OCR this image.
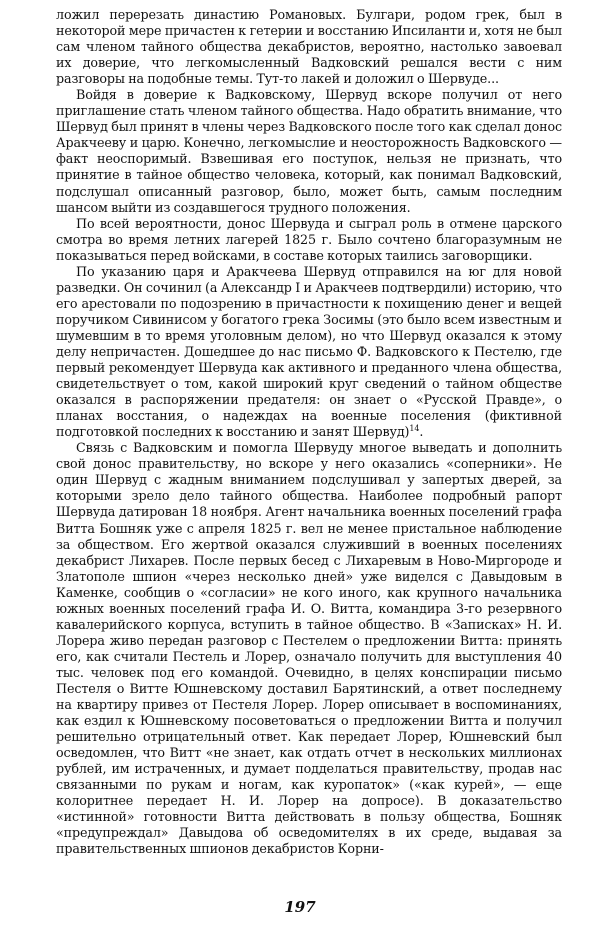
ложил перерезать династию Романовых. Булгари, родом грек, был в некоторой мере причастен к гетерии и восстанию Ипсиланти и, хотя не был сам членом тайного общества декабристов, вероятно, настолько завоевал их доверие, что легкомысленный Вадковский решался вести с ним разговоры на подобные темы. Тут-то лакей и доложил о Шервуде...

Войдя в доверие к Вадковскому, Шервуд вскоре получил от него приглашение стать членом тайного общества. Надо обратить внимание, что Шервуд был принят в члены через Вадковского после того как сделал донос Аракчееву и царю. Конечно, легкомыслие и неосторожность Вадковского — факт неоспоримый. Взвешивая его поступок, нельзя не признать, что принятие в тайное общество человека, который, как понимал Вадковский, подслушал описанный разговор, было, может быть, самым последним шансом выйти из создавшегося трудного положения.

По всей вероятности, донос Шервуда и сыграл роль в отмене царского смотра во время летних лагерей 1825 г. Было сочтено благоразумным не показываться перед войсками, в составе которых таились заговорщики.

По указанию царя и Аракчеева Шервуд отправился на юг для новой разведки. Он сочинил (а Александр I и Аракчеев подтвердили) историю, что его арестовали по подозрению в причастности к похищению денег и вещей поручиком Сивинисом у богатого грека Зосимы (это было всем известным и шумевшим в то время уголовным делом), но что Шервуд оказался к этому делу непричастен. Дошедшее до нас письмо Ф. Вадковского к Пестелю, где первый рекомендует Шервуда как активного и преданного члена общества, свидетельствует о том, какой широкий круг сведений о тайном обществе оказался в распоряжении предателя: он знает о «Русской Правде», о планах восстания, о надеждах на военные поселения (фиктивной подготовкой последних к восстанию и занят Шервуд)$^{14}$.

Связь с Вадковским и помогла Шервуду многое выведать и дополнить свой донос правительству, но вскоре у него оказались «соперники». Не один Шервуд с жадным вниманием подслушивал у запертых дверей, за которыми зрело дело тайного общества. Наиболее подробный рапорт Шервуда датирован 18 ноября. Агент начальника военных поселений графа Витта Бошняк уже с апреля 1825 г. вел не менее пристальное наблюдение за обществом. Его жертвой оказался служивший в военных поселениях декабрист Лихарев. После первых бесед с Лихаревым в Ново-Миргороде и Златополе шпион «через несколько дней» уже виделся с Давыдовым в Каменке, сообщив о «согласии» не кого иного, как крупного начальника южных военных поселений графа И. О. Витта, командира 3-го резервного кавалерийского корпуса, вступить в тайное общество. В «Записках» Н. И. Лорера живо передан разговор с Пестелем о предложении Витта: принять его, как считали Пестель и Лорер, означало получить для выступления 40 тыс. человек под его командой. Очевидно, в целях конспирации письмо Пестеля о Витте Юшневскому доставил Барятинский, а ответ последнему на квартиру привез от Пестеля Лорер. Лорер описывает в воспоминаниях, как ездил к Юшневскому посоветоваться о предложении Витта и получил решительно отрицательный ответ. Как передает Лорер, Юшневский был осведомлен, что Витт «не знает, как отдать отчет в нескольких миллионах рублей, им истраченных, и думает подделаться правительству, продав нас связанными по рукам и ногам, как куропаток» («как курей», — еще колоритнее передает Н. И. Лорер на допросе). В доказательство «истинной» готовности Витта действовать в пользу общества, Бошняк «предупреждал» Давыдова об осведомителях в их среде, выдавая за правительственных шпионов декабристов Корни-

197
